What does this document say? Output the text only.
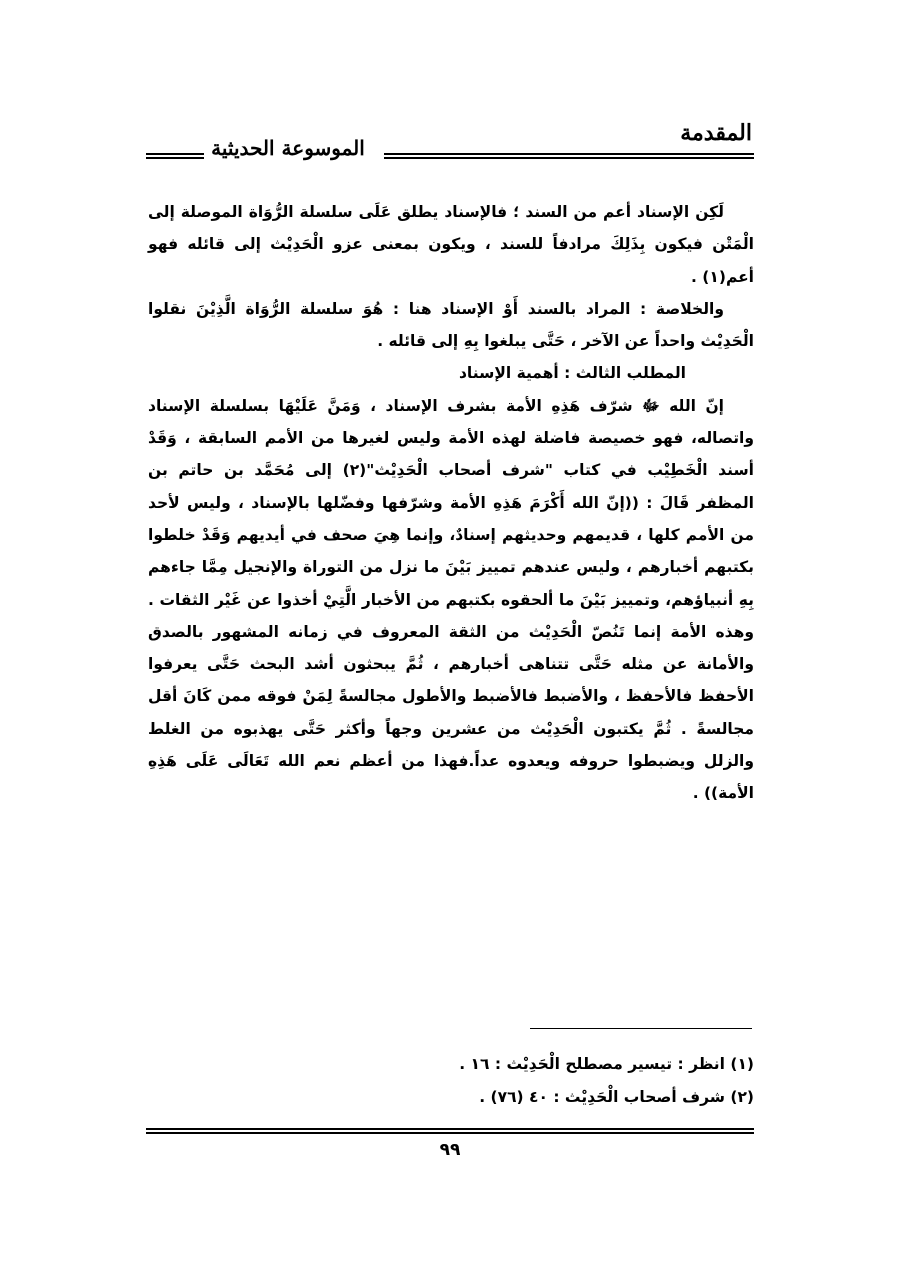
المقدمة
الموسوعة الحديثية

لَكِن الإسناد أعم من السند ؛ فالإسناد يطلق عَلَى سلسلة الرُّوَاة الموصلة إلى الْمَتْن فيكون بِذَلِكَ مرادفاً للسند ، ويكون بمعنى عزو الْحَدِيْث إلى قائله فهو أعم(١) .

والخلاصة : المراد بالسند أَوْ الإسناد هنا : هُوَ سلسلة الرُّوَاة الَّذِيْنَ نقلوا الْحَدِيْث واحداً عن الآخر ، حَتَّى يبلغوا بِهِ إلى قائله .

المطلب الثالث : أهمية الإسناد

إنّ الله ﷻ شرّف هَذِهِ الأمة بشرف الإسناد ، وَمَنَّ عَلَيْهَا بسلسلة الإسناد واتصاله، فهو خصيصة فاضلة لهذه الأمة وليس لغيرها من الأمم السابقة ، وَقَدْ أسند الْخَطِيْب في كتاب "شرف أصحاب الْحَدِيْث"(٢) إلى مُحَمَّد بن حاتم بن المظفر قَالَ : ((إنّ الله أَكْرَمَ هَذِهِ الأمة وشرّفها وفضّلها بالإسناد ، وليس لأحد من الأمم كلها ، قديمهم وحديثهم إسنادٌ، وإنما هِيَ صحف في أيديهم وَقَدْ خلطوا بكتبهم أخبارهم ، وليس عندهم تمييز بَيْنَ ما نزل من التوراة والإنجيل مِمَّا جاءهم بِهِ أنبياؤهم، وتمييز بَيْنَ ما ألحقوه بكتبهم من الأخبار الَّتِيْ أخذوا عن غَيْر الثقات . وهذه الأمة إنما تَنُصّ الْحَدِيْث من الثقة المعروف في زمانه المشهور بالصدق والأمانة عن مثله حَتَّى تتناهى أخبارهم ، ثُمَّ يبحثون أشد البحث حَتَّى يعرفوا الأحفظ فالأحفظ ، والأضبط فالأضبط والأطول مجالسةً لِمَنْ فوقه ممن كَانَ أقل مجالسةً . ثُمَّ يكتبون الْحَدِيْث من عشرين وجهاً وأكثر حَتَّى يهذبوه من الغلط والزلل ويضبطوا حروفه ويعدوه عداً.فهذا من أعظم نعم الله تَعَالَى عَلَى هَذِهِ الأمة)) .

(١) انظر : تيسير مصطلح الْحَدِيْث : ١٦ .

(٢) شرف أصحاب الْحَدِيْث : ٤٠ (٧٦) .

٩٩
